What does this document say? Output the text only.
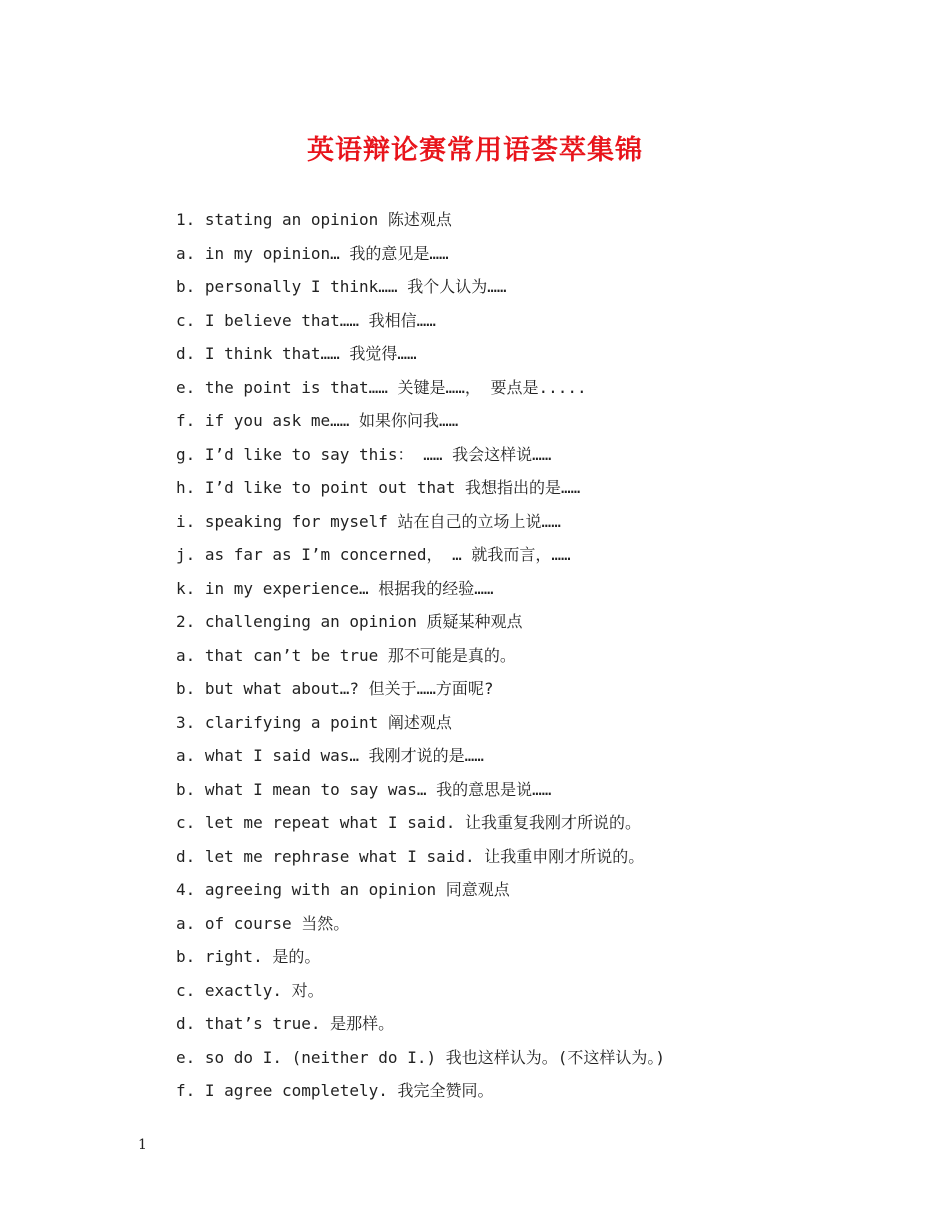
英语辩论赛常用语荟萃集锦
1. stating an opinion 陈述观点
a. in my opinion… 我的意见是……
b. personally I think…… 我个人认为……
c. I believe that…… 我相信……
d. I think that…… 我觉得……
e. the point is that…… 关键是……， 要点是.....
f. if you ask me…… 如果你问我……
g. I’d like to say this： …… 我会这样说……
h. I’d like to point out that 我想指出的是……
i. speaking for myself 站在自己的立场上说……
j. as far as I’m concerned， … 就我而言，……
k. in my experience… 根据我的经验……
2. challenging an opinion 质疑某种观点
a. that can’t be true 那不可能是真的。
b. but what about…? 但关于……方面呢?
3. clarifying a point 阐述观点
a. what I said was… 我刚才说的是……
b. what I mean to say was… 我的意思是说……
c. let me repeat what I said. 让我重复我刚才所说的。
d. let me rephrase what I said. 让我重申刚才所说的。
4. agreeing with an opinion 同意观点
a. of course 当然。
b. right. 是的。
c. exactly. 对。
d. that’s true. 是那样。
e. so do I. (neither do I.) 我也这样认为。(不这样认为。)
f. I agree completely. 我完全赞同。
1
